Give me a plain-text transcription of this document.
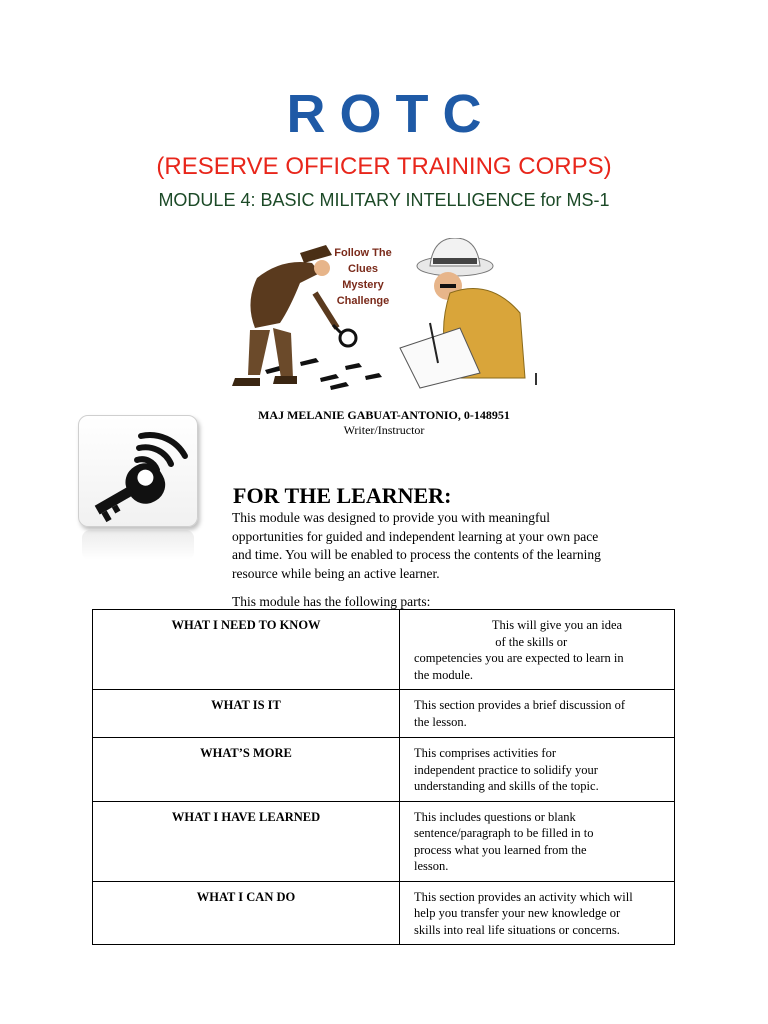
ROTC
(RESERVE OFFICER TRAINING CORPS)
MODULE 4: BASIC MILITARY INTELLIGENCE for MS-1
Follow The
Clues
Mystery
Challenge
MAJ MELANIE GABUAT-ANTONIO, 0-148951
Writer/Instructor
FOR THE LEARNER:
This module was designed to provide you with meaningful
opportunities for guided and independent learning at your own pace
and time. You will be enabled to process the contents of the learning
resource while being an active learner.
This module has the following parts:
WHAT I NEED TO KNOW	This will give you an idea
of the skills or
competencies you are expected to learn in
the module.

WHAT IS IT	This section provides a brief discussion of
the lesson.

WHAT’S MORE	This comprises activities for
independent practice to solidify your
understanding and skills of the topic.

WHAT I HAVE LEARNED	This includes questions or blank
sentence/paragraph to be filled in to
process what you learned from the
lesson.

WHAT I CAN DO	This section provides an activity which will
help you transfer your new knowledge or
skills into real life situations or concerns.
